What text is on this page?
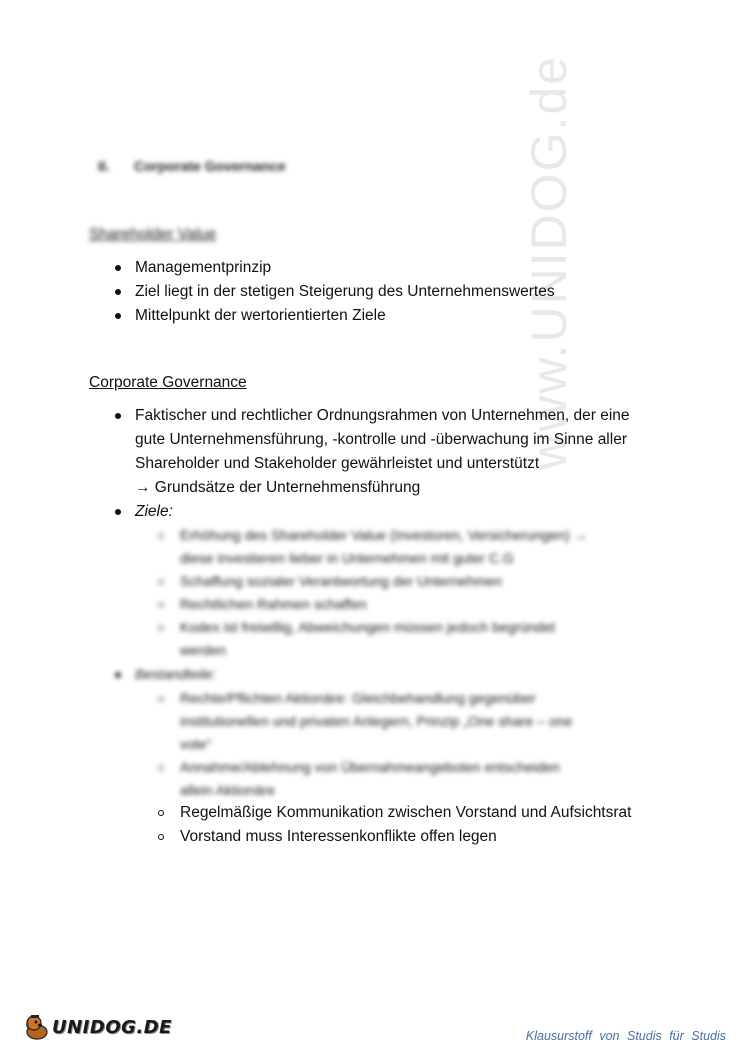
www.UNIDOG.de
II. Corporate Governance
Shareholder Value
Managementprinzip
Ziel liegt in der stetigen Steigerung des Unternehmenswertes
Mittelpunkt der wertorientierten Ziele
Corporate Governance
Faktischer und rechtlicher Ordnungsrahmen von Unternehmen, der eine
gute Unternehmensführung, -kontrolle und -überwachung im Sinne aller
Shareholder und Stakeholder gewährleistet und unterstützt
→ Grundsätze der Unternehmensführung
Ziele:
Erhöhung des Shareholder Value (Investoren, Versicherungen) →
diese investieren lieber in Unternehmen mit guter C.G
Schaffung sozialer Verantwortung der Unternehmen
Rechtlichen Rahmen schaffen
Kodex ist freiwillig, Abweichungen müssen jedoch begründet
werden
Bestandteile:
Rechte/Pflichten Aktionäre: Gleichbehandlung gegenüber
institutionellen und privaten Anlegern, Prinzip „One share – one
vote“
Annahme/Ablehnung von Übernahmeangeboten entscheiden
allein Aktionäre
Regelmäßige Kommunikation zwischen Vorstand und Aufsichtsrat
Vorstand muss Interessenkonflikte offen legen
UNIDOG.DE	Klausurstoff von Studis für Studis
